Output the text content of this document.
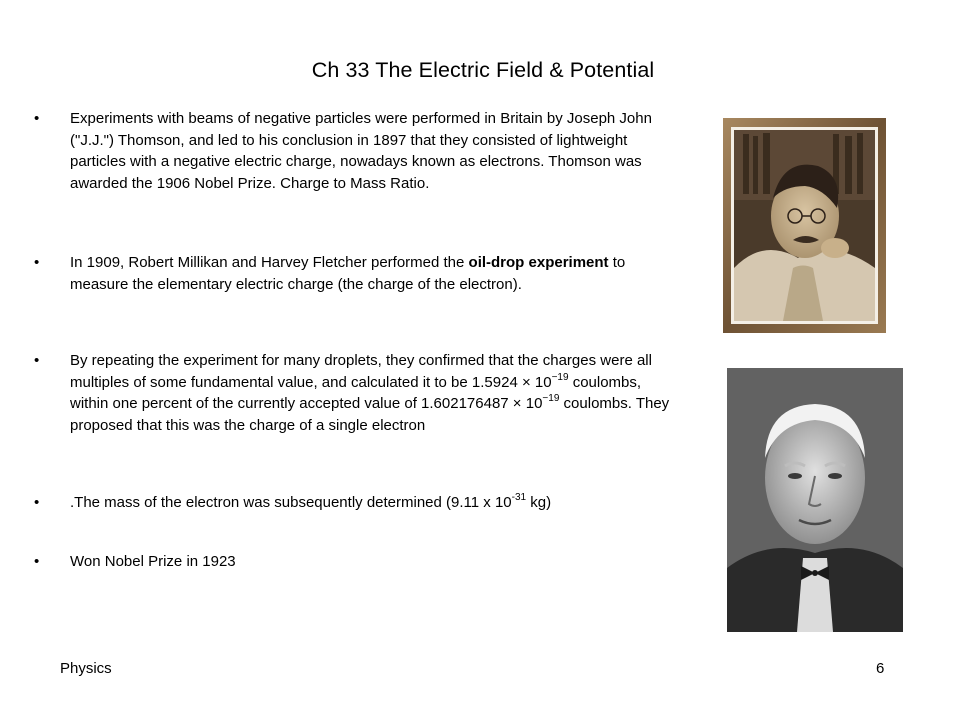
Ch 33 The Electric Field & Potential
• Experiments with beams of negative particles were performed in Britain by Joseph John ("J.J.") Thomson, and led to his conclusion in 1897 that they consisted of lightweight particles with a negative electric charge, nowadays known as electrons. Thomson was awarded the 1906 Nobel Prize. Charge to Mass Ratio.
• In 1909, Robert Millikan and Harvey Fletcher performed the oil-drop experiment to measure the elementary electric charge (the charge of the electron).
• By repeating the experiment for many droplets, they confirmed that the charges were all multiples of some fundamental value, and calculated it to be $1.5924 \times 10^{-19}$ coulombs, within one percent of the currently accepted value of $1.602176487 \times 10^{-19}$ coulombs. They proposed that this was the charge of a single electron
• .The mass of the electron was subsequently determined (9.11 x $10^{-31}$ kg)
• Won Nobel Prize in 1923
Physics	6
